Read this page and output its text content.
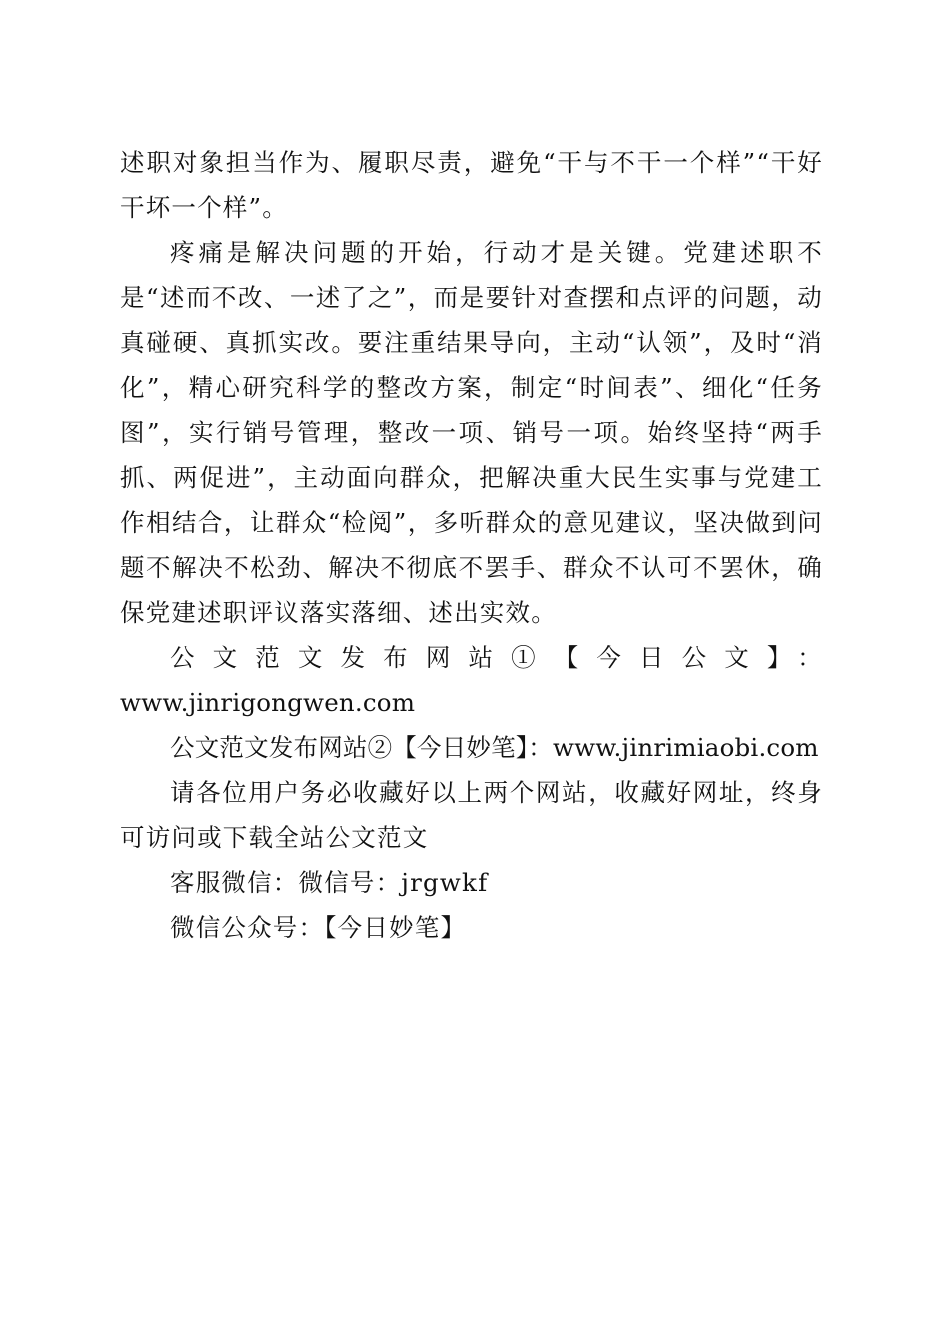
述职对象担当作为、履职尽责，避免“干与不干一个样”“干好干坏一个样”。

疼痛是解决问题的开始，行动才是关键。党建述职不是“述而不改、一述了之”，而是要针对查摆和点评的问题，动真碰硬、真抓实改。要注重结果导向，主动“认领”，及时“消化”，精心研究科学的整改方案，制定“时间表”、细化“任务图”，实行销号管理，整改一项、销号一项。始终坚持“两手抓、两促进”，主动面向群众，把解决重大民生实事与党建工作相结合，让群众“检阅”，多听群众的意见建议，坚决做到问题不解决不松劲、解决不彻底不罢手、群众不认可不罢休，确保党建述职评议落实落细、述出实效。

公文范文发布网站①【今日公文】：

www.jinrigongwen.com

公文范文发布网站②【今日妙笔】：www.jinrimiaobi.com

请各位用户务必收藏好以上两个网站，收藏好网址，终身可访问或下载全站公文范文

客服微信：微信号：jrgwkf

微信公众号：【今日妙笔】
